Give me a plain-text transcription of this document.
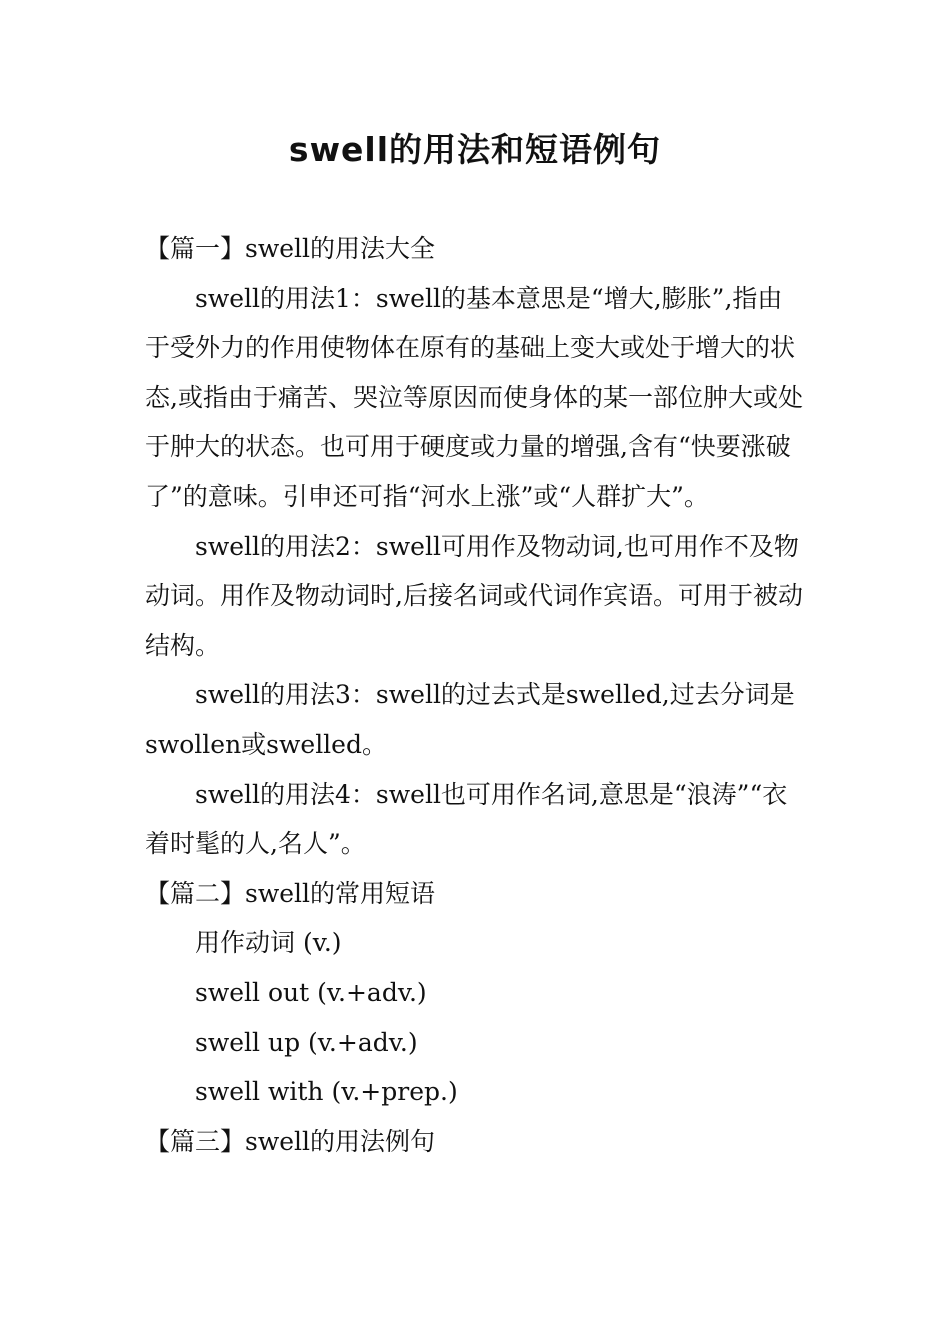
swell的用法和短语例句

【篇一】swell的用法大全

swell的用法1：swell的基本意思是“增大,膨胀”,指由于受外力的作用使物体在原有的基础上变大或处于增大的状态,或指由于痛苦、哭泣等原因而使身体的某一部位肿大或处于肿大的状态。也可用于硬度或力量的增强,含有“快要涨破了”的意味。引申还可指“河水上涨”或“人群扩大”。

swell的用法2：swell可用作及物动词,也可用作不及物动词。用作及物动词时,后接名词或代词作宾语。可用于被动结构。

swell的用法3：swell的过去式是swelled,过去分词是swollen或swelled。

swell的用法4：swell也可用作名词,意思是“浪涛”“衣着时髦的人,名人”。

【篇二】swell的常用短语

用作动词 (v.)

swell out (v.+adv.)

swell up (v.+adv.)

swell with (v.+prep.)

【篇三】swell的用法例句
